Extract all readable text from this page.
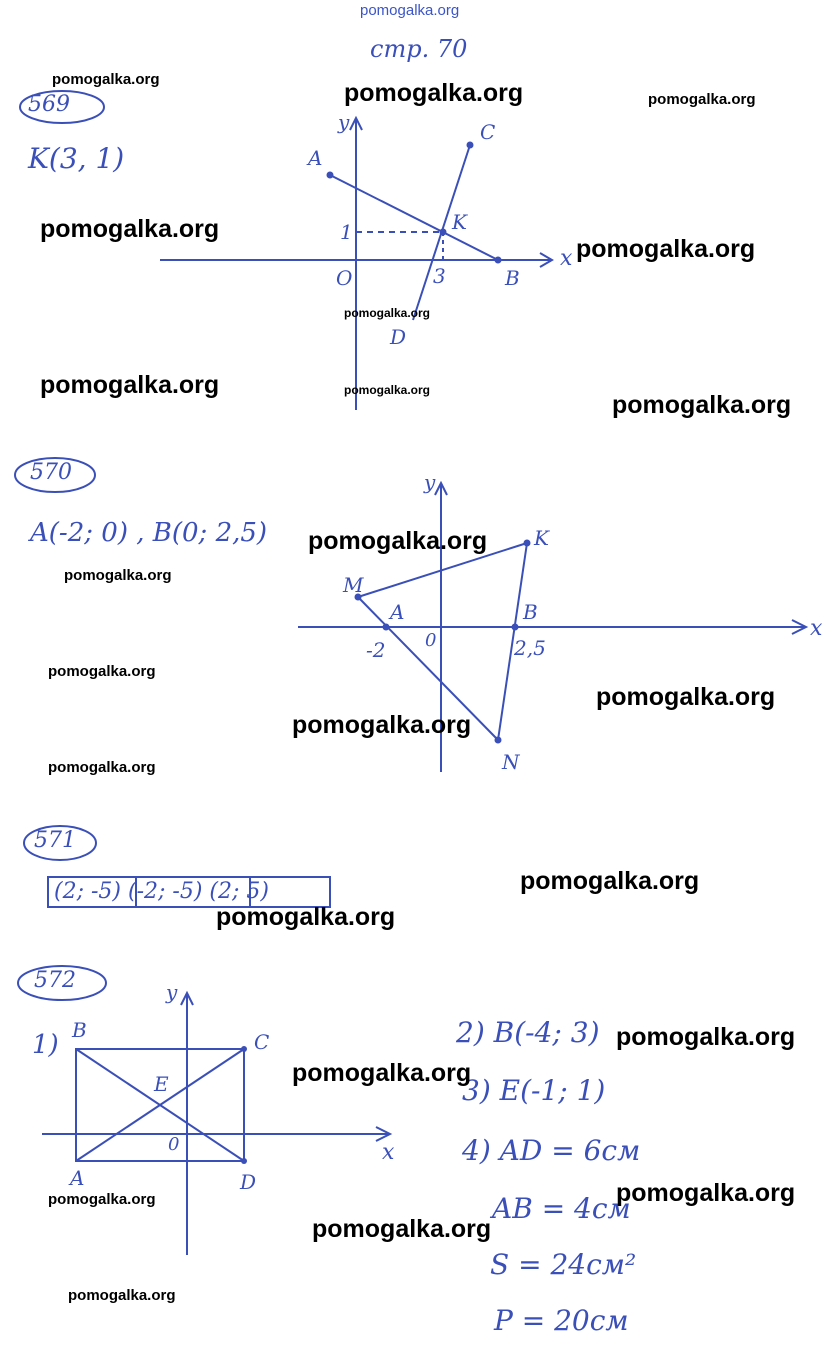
pomogalka.org
стр. 70
569
K(3, 1)	A
C
K
B
D
O
1
3
x
y
570
A(-2; 0) , B(0; 2,5)
M
K
A	B
N
0
-2	2,5
x
y
571
(2; -5) (-2; -5) (2; 5)
572
1) B	C
A	D
E
0	x
y
2) B(-4; 3)
3) E(-1; 1)
4) AD = 6см
AB = 4см
S = 24см²
P = 20см
pomogalka.org	pomogalka.org	pomogalka.org
pomogalka.org
pomogalka.org
pomogalka.org
pomogalka.org	pomogalka.org
pomogalka.org
pomogalka.org
pomogalka.org
pomogalka.org
pomogalka.org
pomogalka.org
pomogalka.org
pomogalka.org
pomogalka.org
pomogalka.org
pomogalka.org
pomogalka.org
pomogalka.org
pomogalka.org
pomogalka.org
